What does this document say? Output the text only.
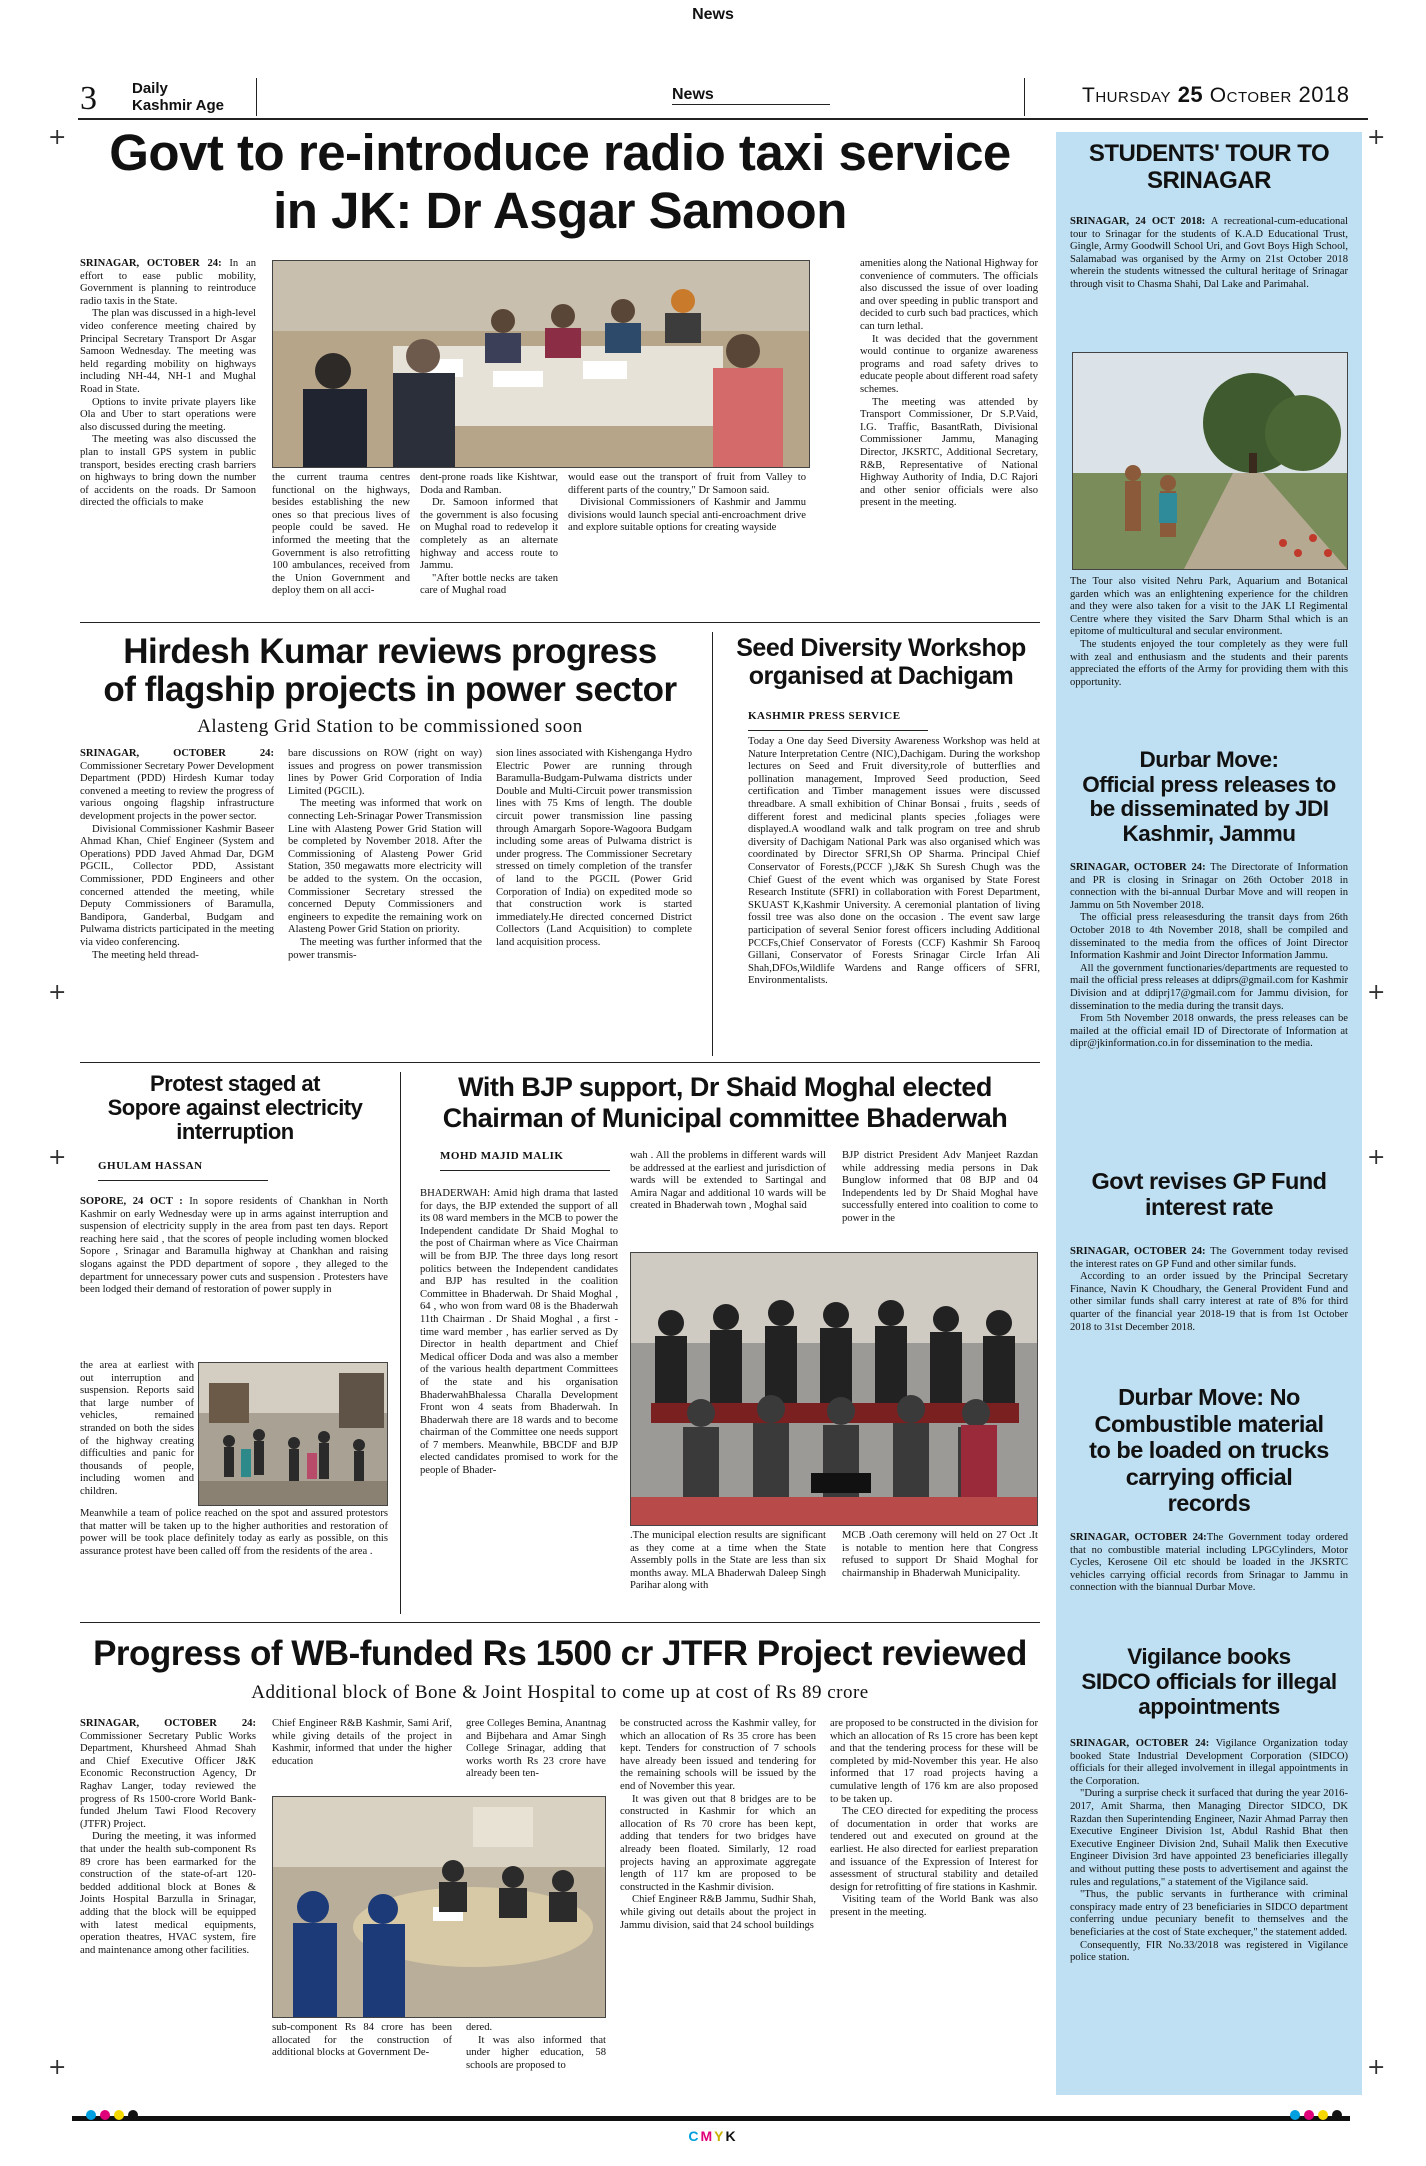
News
3 Daily
Kashmir Age
News	Thursday 25 October 2018
+	+
+	+
+	+
+	+
Govt to re-introduce radio taxi service
in JK: Dr Asgar Samoon

SRINAGAR, OCTOBER 24: In an effort to ease public mobility, Government is planning to reintroduce radio taxis in the State.

The plan was discussed in a high-level video conference meeting chaired by Principal Secretary Transport Dr Asgar Samoon Wednesday. The meeting was held regarding mobility on highways including NH-44, NH-1 and Mughal Road in State.

Options to invite private players like Ola and Uber to start operations were also discussed during the meeting.

The meeting was also discussed the plan to install GPS system in public transport, besides erecting crash barriers on highways to bring down the number of accidents on the roads. Dr Samoon directed the officials to make

the current trauma centres functional on the highways, besides establishing the new ones so that precious lives of people could be saved. He informed the meeting that the Government is also retrofitting 100 ambulances, received from the Union Government and deploy them on all acci-

dent-prone roads like Kishtwar, Doda and Ramban.

Dr. Samoon informed that the government is also focusing on Mughal road to redevelop it completely as an alternate highway and access route to Jammu.

"After bottle necks are taken care of Mughal road

would ease out the transport of fruit from Valley to different parts of the country," Dr Samoon said.

Divisional Commissioners of Kashmir and Jammu divisions would launch special anti-encroachment drive and explore suitable options for creating wayside

amenities along the National Highway for convenience of commuters. The officials also discussed the issue of over loading and over speeding in public transport and decided to curb such bad practices, which can turn lethal.

It was decided that the government would continue to organize awareness programs and road safety drives to educate people about different road safety schemes.

The meeting was attended by Transport Commissioner, Dr S.P.Vaid, I.G. Traffic, BasantRath, Divisional Commissioner Jammu, Managing Director, JKSRTC, Additional Secretary, R&B, Representative of National Highway Authority of India, D.C Rajori and other senior officials were also present in the meeting.

Hirdesh Kumar reviews progress
of flagship projects in power sector
Alasteng Grid Station to be commissioned soon

SRINAGAR, OCTOBER 24: Commissioner Secretary Power Development Department (PDD) Hirdesh Kumar today convened a meeting to review the progress of various ongoing flagship infrastructure development projects in the power sector.

Divisional Commissioner Kashmir Baseer Ahmad Khan, Chief Engineer (System and Operations) PDD Javed Ahmad Dar, DGM PGCIL, Collector PDD, Assistant Commissioner, PDD Engineers and other concerned attended the meeting, while Deputy Commissioners of Baramulla, Bandipora, Ganderbal, Budgam and Pulwama districts participated in the meeting via video conferencing.

The meeting held thread-

bare discussions on ROW (right on way) issues and progress on power transmission lines by Power Grid Corporation of India Limited (PGCIL).

The meeting was informed that work on connecting Leh-Srinagar Power Transmission Line with Alasteng Power Grid Station will be completed by November 2018. After the Commissioning of Alasteng Power Grid Station, 350 megawatts more electricity will be added to the system. On the occasion, Commissioner Secretary stressed the concerned Deputy Commissioners and engineers to expedite the remaining work on Alasteng Power Grid Station on priority.

The meeting was further informed that the power transmis-

sion lines associated with Kishenganga Hydro Electric Power are running through Baramulla-Budgam-Pulwama districts under Double and Multi-Circuit power transmission lines with 75 Kms of length. The double circuit power transmission line passing through Amargarh Sopore-Wagoora Budgam including some areas of Pulwama district is under progress. The Commissioner Secretary stressed on timely completion of the transfer of land to the PGCIL (Power Grid Corporation of India) on expedited mode so that construction work is started immediately.He directed concerned District Collectors (Land Acquisition) to complete land acquisition process.

Seed Diversity Workshop
organised at Dachigam
KASHMIR PRESS SERVICE

Today a One day Seed Diversity Awareness Workshop was held at Nature Interpretation Centre (NIC),Dachigam. During the workshop lectures on Seed and Fruit diversity,role of butterflies and pollination management, Improved Seed production, Seed certification and Timber management issues were discussed threadbare. A small exhibition of Chinar Bonsai , fruits , seeds of different forest and medicinal plants species ,foliages were displayed.A woodland walk and talk program on tree and shrub diversity of Dachigam National Park was also organised which was coordinated by Director SFRI,Sh OP Sharma. Principal Chief Conservator of Forests,(PCCF ),J&K Sh Suresh Chugh was the Chief Guest of the event which was organised by State Forest Research Institute (SFRI) in collaboration with Forest Department, SKUAST K,Kashmir University. A ceremonial plantation of living fossil tree was also done on the occasion . The event saw large participation of several Senior forest officers including Additional PCCFs,Chief Conservator of Forests (CCF) Kashmir Sh Farooq Gillani, Conservator of Forests Srinagar Circle Irfan Ali Shah,DFOs,Wildlife Wardens and Range officers of SFRI, Environmentalists.

Protest staged at
Sopore against electricity
interruption
GHULAM HASSAN

SOPORE, 24 OCT : In sopore residents of Chankhan in North Kashmir on early Wednesday were up in arms against interruption and suspension of electricity supply in the area from past ten days. Report reaching here said , that the scores of people including women blocked Sopore , Srinagar and Baramulla highway at Chankhan and raising slogans against the PDD department of sopore , they alleged to the department for unnecessary power cuts and suspension . Protesters have been lodged their demand of restoration of power supply in

the area at earliest with out interruption and suspension. Reports said that large number of vehicles, remained stranded on both the sides of the highway creating difficulties and panic for thousands of people, including women and children.

Meanwhile a team of police reached on the spot and assured protestors that matter will be taken up to the higher authorities and restoration of power will be took place definitely today as early as possible, on this assurance protest have been called off from the residents of the area .

With BJP support, Dr Shaid Moghal elected
Chairman of Municipal committee Bhaderwah
MOHD MAJID MALIK

BHADERWAH: Amid high drama that lasted for days, the BJP extended the support of all its 08 ward members in the MCB to power the Independent candidate Dr Shaid Moghal to the post of Chairman where as Vice Chairman will be from BJP. The three days long resort politics between the Independent candidates and BJP has resulted in the coalition Committee in Bhaderwah. Dr Shaid Moghal , 64 , who won from ward 08 is the Bhaderwah 11th Chairman . Dr Shaid Moghal , a first -time ward member , has earlier served as Dy Director in health department and Chief Medical officer Doda and was also a member of the various health department Committees of the state and his organisation BhaderwahBhalessa Charalla Development Front won 4 seats from Bhaderwah. In Bhaderwah there are 18 wards and to become chairman of the Committee one needs support of 7 members. Meanwhile, BBCDF and BJP elected candidates promised to work for the people of Bhader-

wah . All the problems in different wards will be addressed at the earliest and jurisdiction of wards will be extended to Sartingal and Amira Nagar and additional 10 wards will be created in Bhaderwah town , Moghal said

BJP district President Adv Manjeet Razdan while addressing media persons in Dak Bunglow informed that 08 BJP and 04 Independents led by Dr Shaid Moghal have successfully entered into coalition to come to power in the

.The municipal election results are significant as they come at a time when the State Assembly polls in the State are less than six months away. MLA Bhaderwah Daleep Singh Parihar along with

MCB .Oath ceremony will held on 27 Oct .It is notable to mention here that Congress refused to support Dr Shaid Moghal for chairmanship in Bhaderwah Municipality.

Progress of WB-funded Rs 1500 cr JTFR Project reviewed
Additional block of Bone & Joint Hospital to come up at cost of Rs 89 crore

SRINAGAR, OCTOBER 24: Commissioner Secretary Public Works Department, Khursheed Ahmad Shah and Chief Executive Officer J&K Economic Reconstruction Agency, Dr Raghav Langer, today reviewed the progress of Rs 1500-crore World Bank-funded Jhelum Tawi Flood Recovery (JTFR) Project.

During the meeting, it was informed that under the health sub-component Rs 89 crore has been earmarked for the construction of the state-of-art 120-bedded additional block at Bones & Joints Hospital Barzulla in Srinagar, adding that the block will be equipped with latest medical equipments, operation theatres, HVAC system, fire and maintenance among other facilities.

Chief Engineer R&B Kashmir, Sami Arif, while giving details of the project in Kashmir, informed that under the higher education

gree Colleges Bemina, Anantnag and Bijbehara and Amar Singh College Srinagar, adding that works worth Rs 23 crore have already been ten-

sub-component Rs 84 crore has been allocated for the construction of additional blocks at Government De-

dered.

It was also informed that under higher education, 58 schools are proposed to

be constructed across the Kashmir valley, for which an allocation of Rs 35 crore has been kept. Tenders for construction of 7 schools have already been issued and tendering for the remaining schools will be issued by the end of November this year.

It was given out that 8 bridges are to be constructed in Kashmir for which an allocation of Rs 70 crore has been kept, adding that tenders for two bridges have already been floated. Similarly, 12 road projects having an approximate aggregate length of 117 km are proposed to be constructed in the Kashmir division.

Chief Engineer R&B Jammu, Sudhir Shah, while giving out details about the project in Jammu division, said that 24 school buildings

are proposed to be constructed in the division for which an allocation of Rs 15 crore has been kept and that the tendering process for these will be completed by mid-November this year. He also informed that 17 road projects having a cumulative length of 176 km are also proposed to be taken up.

The CEO directed for expediting the process of documentation in order that works are tendered out and executed on ground at the earliest. He also directed for earliest preparation and issuance of the Expression of Interest for assessment of structural stability and detailed design for retrofitting of fire stations in Kashmir.

Visiting team of the World Bank was also present in the meeting.

STUDENTS' TOUR TO
SRINAGAR

SRINAGAR, 24 OCT 2018: A recreational-cum-educational tour to Srinagar for the students of K.A.D Educational Trust, Gingle, Army Goodwill School Uri, and Govt Boys High School, Salamabad was organised by the Army on 21st October 2018 wherein the students witnessed the cultural heritage of Srinagar through visit to Chasma Shahi, Dal Lake and Parimahal.

The Tour also visited Nehru Park, Aquarium and Botanical garden which was an enlightening experience for the children and they were also taken for a visit to the JAK LI Regimental Centre where they visited the Sarv Dharm Sthal which is an epitome of multicultural and secular environment.

The students enjoyed the tour completely as they were full with zeal and enthusiasm and the students and their parents appreciated the efforts of the Army for providing them with this opportunity.

Durbar Move:
Official press releases to
be disseminated by JDI
Kashmir, Jammu

SRINAGAR, OCTOBER 24: The Directorate of Information and PR is closing in Srinagar on 26th October 2018 in connection with the bi-annual Durbar Move and will reopen in Jammu on 5th November 2018.

The official press releasesduring the transit days from 26th October 2018 to 4th November 2018, shall be compiled and disseminated to the media from the offices of Joint Director Information Kashmir and Joint Director Information Jammu.

All the government functionaries/departments are requested to mail the official press releases at ddiprs@gmail.com for Kashmir Division and at ddiprj17@gmail.com for Jammu division, for dissemination to the media during the transit days.

From 5th November 2018 onwards, the press releases can be mailed at the official email ID of Directorate of Information at dipr@jkinformation.co.in for dissemination to the media.

Govt revises GP Fund
interest rate

SRINAGAR, OCTOBER 24: The Government today revised the interest rates on GP Fund and other similar funds.

According to an order issued by the Principal Secretary Finance, Navin K Choudhary, the General Provident Fund and other similar funds shall carry interest at rate of 8% for third quarter of the financial year 2018-19 that is from 1st October 2018 to 31st December 2018.

Durbar Move: No
Combustible material
to be loaded on trucks
carrying official
records

SRINAGAR, OCTOBER 24:The Government today ordered that no combustible material including LPGCylinders, Motor Cycles, Kerosene Oil etc should be loaded in the JKSRTC vehicles carrying official records from Srinagar to Jammu in connection with the biannual Durbar Move.

Vigilance books
SIDCO officials for illegal
appointments

SRINAGAR, OCTOBER 24: Vigilance Organization today booked State Industrial Development Corporation (SIDCO) officials for their alleged involvement in illegal appointments in the Corporation.

"During a surprise check it surfaced that during the year 2016-2017, Amit Sharma, then Managing Director SIDCO, DK Razdan then Superintending Engineer, Nazir Ahmad Parray then Executive Engineer Division 1st, Abdul Rashid Bhat then Executive Engineer Division 2nd, Suhail Malik then Executive Engineer Division 3rd have appointed 23 beneficiaries illegally and without putting these posts to advertisement and against the rules and regulations," a statement of the Vigilance said.

"Thus, the public servants in furtherance with criminal conspiracy made entry of 23 beneficiaries in SIDCO department conferring undue pecuniary benefit to themselves and the beneficiaries at the cost of State exchequer," the statement added.

Consequently, FIR No.33/2018 was registered in Vigilance police station.

CMYK
